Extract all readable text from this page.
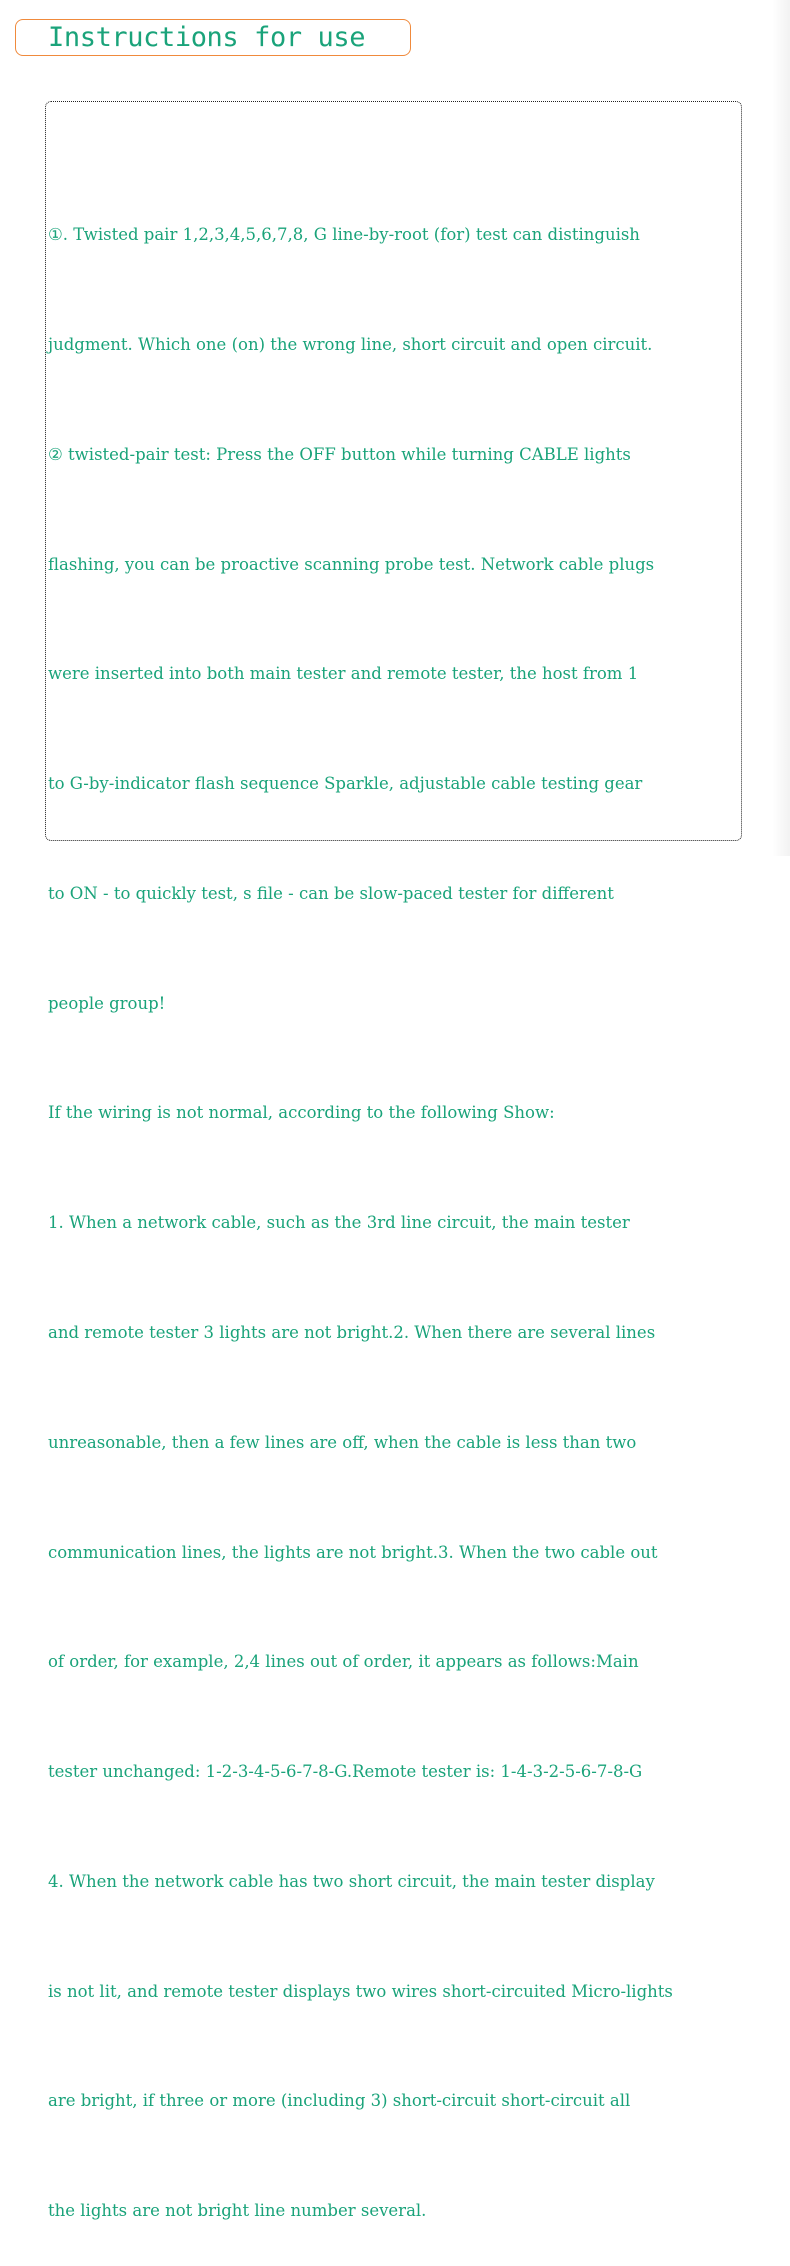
Instructions for use

①. Twisted pair 1,2,3,4,5,6,7,8, G line-by-root (for) test can distinguish

judgment. Which one (on) the wrong line, short circuit and open circuit.

② twisted-pair test: Press the OFF button while turning CABLE lights

flashing, you can be proactive scanning probe test. Network cable plugs

were inserted into both main tester and remote tester, the host from 1

to G-by-indicator flash sequence Sparkle, adjustable cable testing gear

to ON - to quickly test, s file - can be slow-paced tester for different

people group!

If the wiring is not normal, according to the following Show:

1. When a network cable, such as the 3rd line circuit, the main tester

and remote tester 3 lights are not bright.2. When there are several lines

unreasonable, then a few lines are off, when the cable is less than two

communication lines, the lights are not bright.3. When the two cable out

of order, for example, 2,4 lines out of order, it appears as follows:Main

tester unchanged: 1-2-3-4-5-6-7-8-G.Remote tester is: 1-4-3-2-5-6-7-8-G

4. When the network cable has two short circuit, the main tester display

is not lit, and remote tester displays two wires short-circuited Micro-lights

are bright, if three or more (including 3) short-circuit short-circuit all

the lights are not bright line number several.
